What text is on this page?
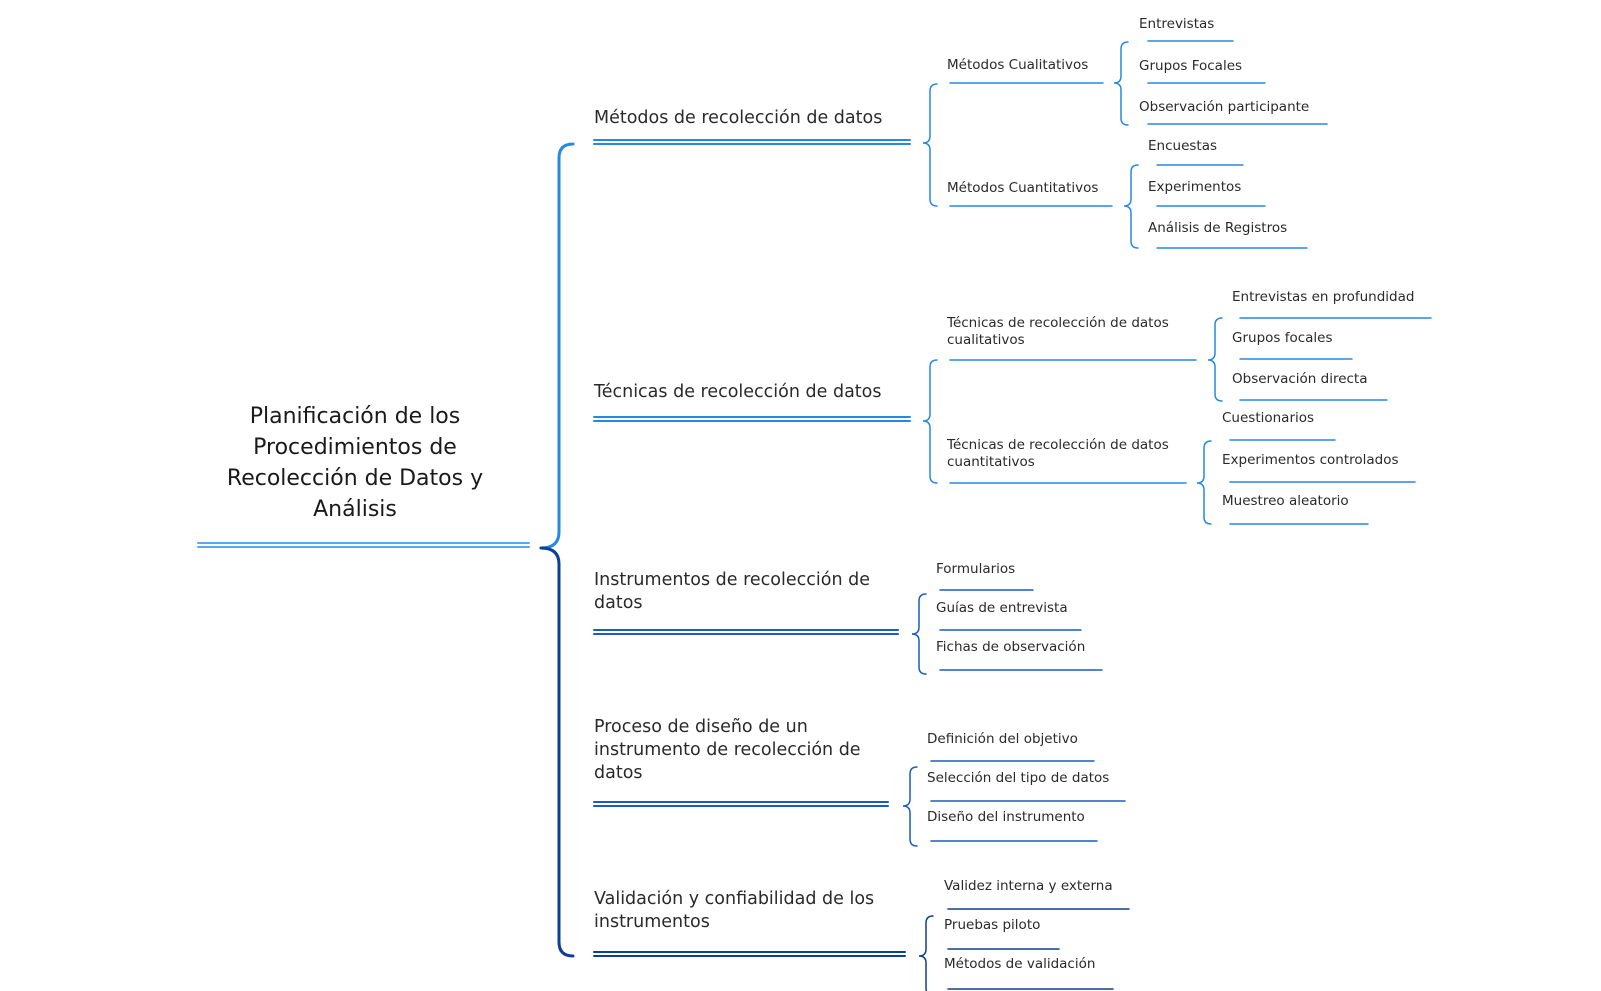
Planificación de los Procedimientos de Recolección de Datos y Análisis
Métodos de recolección de datos
Técnicas de recolección de datos
Instrumentos de recolección de datos
Proceso de diseño de un instrumento de recolección de datos
Validación y confiabilidad de los instrumentos
Métodos Cualitativos
Métodos Cuantitativos
Técnicas de recolección de datos cualitativos
Técnicas de recolección de datos cuantitativos
Entrevistas
Grupos Focales
Observación participante
Encuestas
Experimentos
Análisis de Registros
Entrevistas en profundidad
Grupos focales
Observación directa
Cuestionarios
Experimentos controlados
Muestreo aleatorio
Formularios
Guías de entrevista
Fichas de observación
Definición del objetivo
Selección del tipo de datos
Diseño del instrumento
Validez interna y externa
Pruebas piloto
Métodos de validación
